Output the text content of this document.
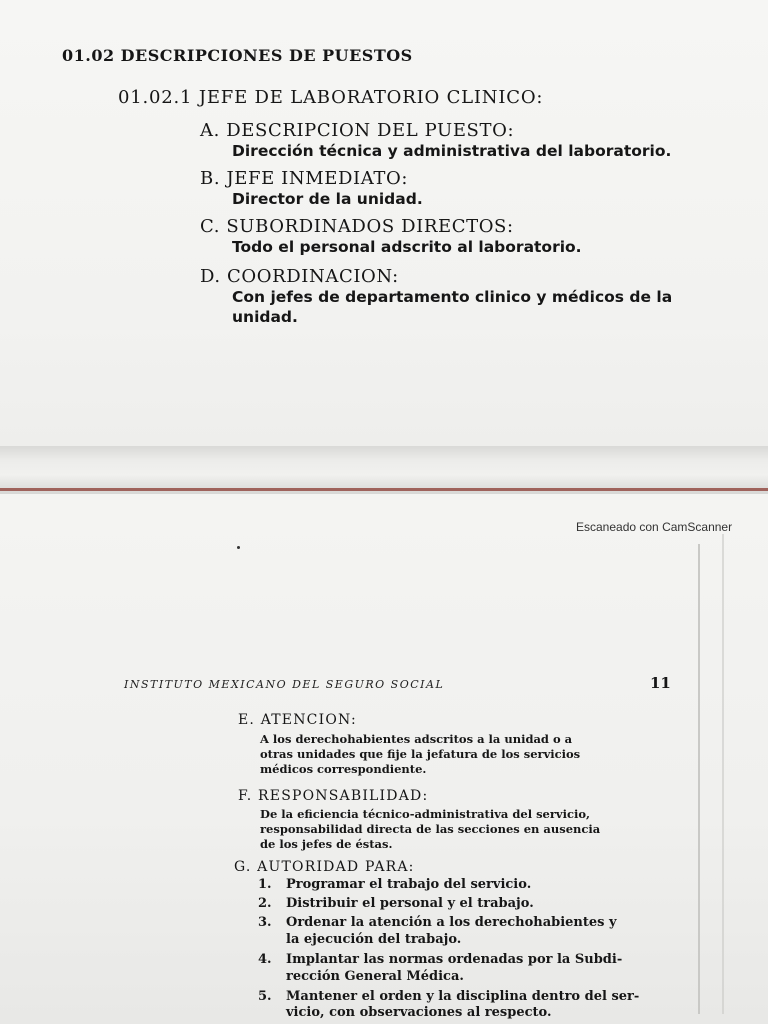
01.02 DESCRIPCIONES DE PUESTOS
01.02.1 JEFE DE LABORATORIO CLINICO:
A. DESCRIPCION DEL PUESTO:
Dirección técnica y administrativa del laboratorio.
B. JEFE INMEDIATO:
Director de la unidad.
C. SUBORDINADOS DIRECTOS:
Todo el personal adscrito al laboratorio.
D. COORDINACION:
Con jefes de departamento clinico y médicos de la
unidad.
INSTITUTO MEXICANO DEL SEGURO SOCIAL	11
E. ATENCION:
A los derechohabientes adscritos a la unidad o a
otras unidades que fije la jefatura de los servicios
médicos correspondiente.
F. RESPONSABILIDAD:
De la eficiencia técnico-administrativa del servicio,
responsabilidad directa de las secciones en ausencia
de los jefes de éstas.
G. AUTORIDAD PARA:
1. Programar el trabajo del servicio.
2. Distribuir el personal y el trabajo.
3. Ordenar la atención a los derechohabientes y
la ejecución del trabajo.
4. Implantar las normas ordenadas por la Subdi-
rección General Médica.
5. Mantener el orden y la disciplina dentro del ser-
vicio, con observaciones al respecto.
Escaneado con CamScanner
